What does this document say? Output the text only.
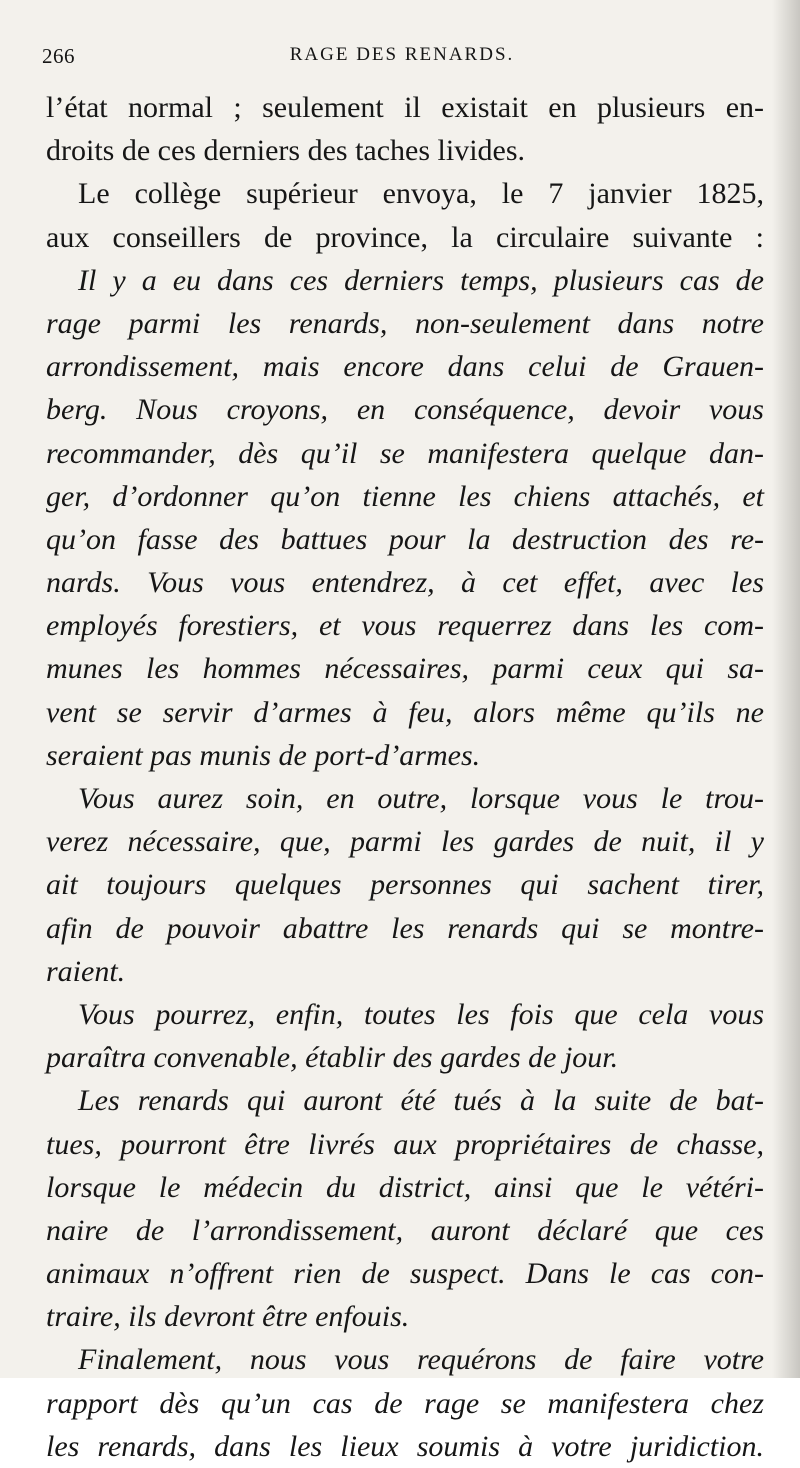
266	RAGE DES RENARDS.
l’état normal ; seulement il existait en plusieurs en-
droits de ces derniers des taches livides.
Le collège supérieur envoya, le 7 janvier 1825,
aux conseillers de province, la circulaire suivante :
Il y a eu dans ces derniers temps, plusieurs cas de
rage parmi les renards, non-seulement dans notre
arrondissement, mais encore dans celui de Grauen-
berg. Nous croyons, en conséquence, devoir vous
recommander, dès qu’il se manifestera quelque dan-
ger, d’ordonner qu’on tienne les chiens attachés, et
qu’on fasse des battues pour la destruction des re-
nards. Vous vous entendrez, à cet effet, avec les
employés forestiers, et vous requerrez dans les com-
munes les hommes nécessaires, parmi ceux qui sa-
vent se servir d’armes à feu, alors même qu’ils ne
seraient pas munis de port-d’armes.
Vous aurez soin, en outre, lorsque vous le trou-
verez nécessaire, que, parmi les gardes de nuit, il y
ait toujours quelques personnes qui sachent tirer,
afin de pouvoir abattre les renards qui se montre-
raient.
Vous pourrez, enfin, toutes les fois que cela vous
paraîtra convenable, établir des gardes de jour.
Les renards qui auront été tués à la suite de bat-
tues, pourront être livrés aux propriétaires de chasse,
lorsque le médecin du district, ainsi que le vétéri-
naire de l’arrondissement, auront déclaré que ces
animaux n’offrent rien de suspect. Dans le cas con-
traire, ils devront être enfouis.
Finalement, nous vous requérons de faire votre
rapport dès qu’un cas de rage se manifestera chez
les renards, dans les lieux soumis à votre juridiction.
